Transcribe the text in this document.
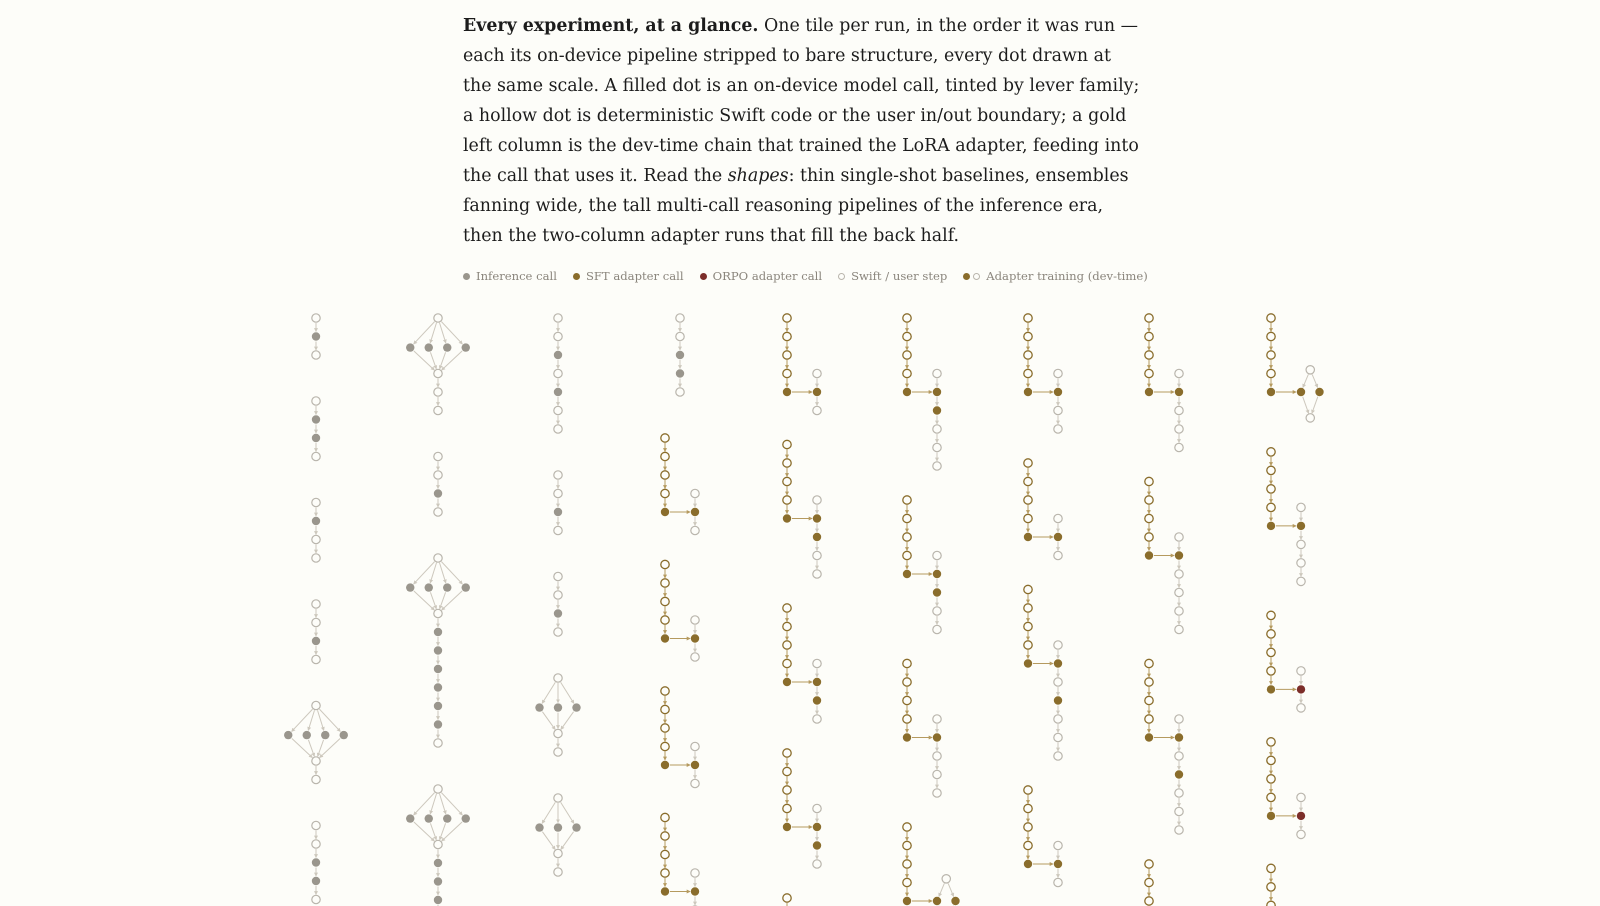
Every experiment, at a glance. One tile per run, in the order it was run — each its on-device pipeline stripped to bare structure, every dot drawn at the same scale. A filled dot is an on-device model call, tinted by lever family; a hollow dot is deterministic Swift code or the user in/out boundary; a gold left column is the dev-time chain that trained the LoRA adapter, feeding into the call that uses it. Read the shapes: thin single-shot baselines, ensembles fanning wide, the tall multi-call reasoning pipelines of the inference era, then the two-column adapter runs that fill the back half.

Inference call	SFT adapter call	ORPO adapter call	Swift / user step	Adapter training (dev-time)
